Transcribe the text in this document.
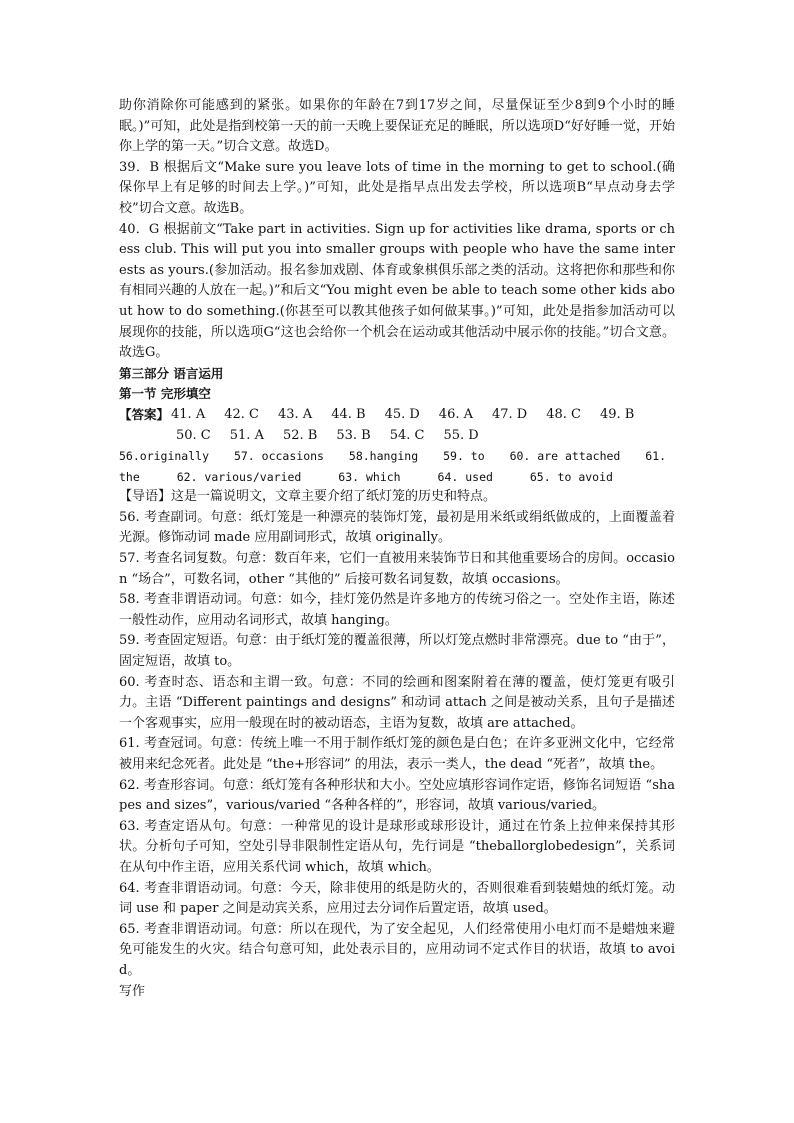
助你消除你可能感到的紧张。如果你的年龄在7到17岁之间，尽量保证至少8到9个小时的睡眠。)”可知，此处是指到校第一天的前一天晚上要保证充足的睡眠，所以选项D“好好睡一觉，开始你上学的第一天。”切合文意。故选D。
39．B 根据后文“Make sure you leave lots of time in the morning to get to school.(确保你早上有足够的时间去上学。)”可知，此处是指早点出发去学校，所以选项B“早点动身去学校”切合文意。故选B。
40．G 根据前文“Take part in activities. Sign up for activities like drama, sports or chess club. This will put you into smaller groups with people who have the same interests as yours.(参加活动。报名参加戏剧、体育或象棋俱乐部之类的活动。这将把你和那些和你有相同兴趣的人放在一起。)”和后文“You might even be able to teach some other kids about how to do something.(你甚至可以教其他孩子如何做某事。)”可知，此处是指参加活动可以展现你的技能，所以选项G“这也会给你一个机会在运动或其他活动中展示你的技能。”切合文意。故选G。
第三部分 语言运用
第一节 完形填空
【答案】 41. A 42. C 43. A 44. B 45. D 46. A 47. D 48. C 49. B
50. C 51. A 52. B 53. B 54. C 55. D
56.originally 57. occasions 58.hanging 59. to 60. are attached 61.
the	62. various/varied	63. which	64. used	65. to avoid
【导语】这是一篇说明文，文章主要介绍了纸灯笼的历史和特点。
56. 考查副词。句意：纸灯笼是一种漂亮的装饰灯笼，最初是用米纸或绢纸做成的，上面覆盖着光源。修饰动词 made 应用副词形式，故填 originally。
57. 考查名词复数。句意：数百年来，它们一直被用来装饰节日和其他重要场合的房间。occasion “场合”，可数名词，other “其他的” 后接可数名词复数，故填 occasions。
58. 考查非谓语动词。句意：如今，挂灯笼仍然是许多地方的传统习俗之一。空处作主语，陈述一般性动作，应用动名词形式，故填 hanging。
59. 考查固定短语。句意：由于纸灯笼的覆盖很薄，所以灯笼点燃时非常漂亮。due to “由于”，固定短语，故填 to。
60. 考查时态、语态和主谓一致。句意：不同的绘画和图案附着在薄的覆盖，使灯笼更有吸引力。主语 “Different paintings and designs” 和动词 attach 之间是被动关系，且句子是描述一个客观事实，应用一般现在时的被动语态，主语为复数，故填 are attached。
61. 考查冠词。句意：传统上唯一不用于制作纸灯笼的颜色是白色；在许多亚洲文化中，它经常被用来纪念死者。此处是 “the+形容词” 的用法，表示一类人，the dead “死者”，故填 the。
62. 考查形容词。句意：纸灯笼有各种形状和大小。空处应填形容词作定语，修饰名词短语 “shapes and sizes”，various/varied “各种各样的”，形容词，故填 various/varied。
63. 考查定语从句。句意：一种常见的设计是球形或球形设计，通过在竹条上拉伸来保持其形状。分析句子可知，空处引导非限制性定语从句，先行词是 “theballorglobedesign”，关系词在从句中作主语，应用关系代词 which，故填 which。
64. 考查非谓语动词。句意：今天，除非使用的纸是防火的，否则很难看到装蜡烛的纸灯笼。动词 use 和 paper 之间是动宾关系，应用过去分词作后置定语，故填 used。
65. 考查非谓语动词。句意：所以在现代，为了安全起见，人们经常使用小电灯而不是蜡烛来避免可能发生的火灾。结合句意可知，此处表示目的，应用动词不定式作目的状语，故填 to avoid。
写作
